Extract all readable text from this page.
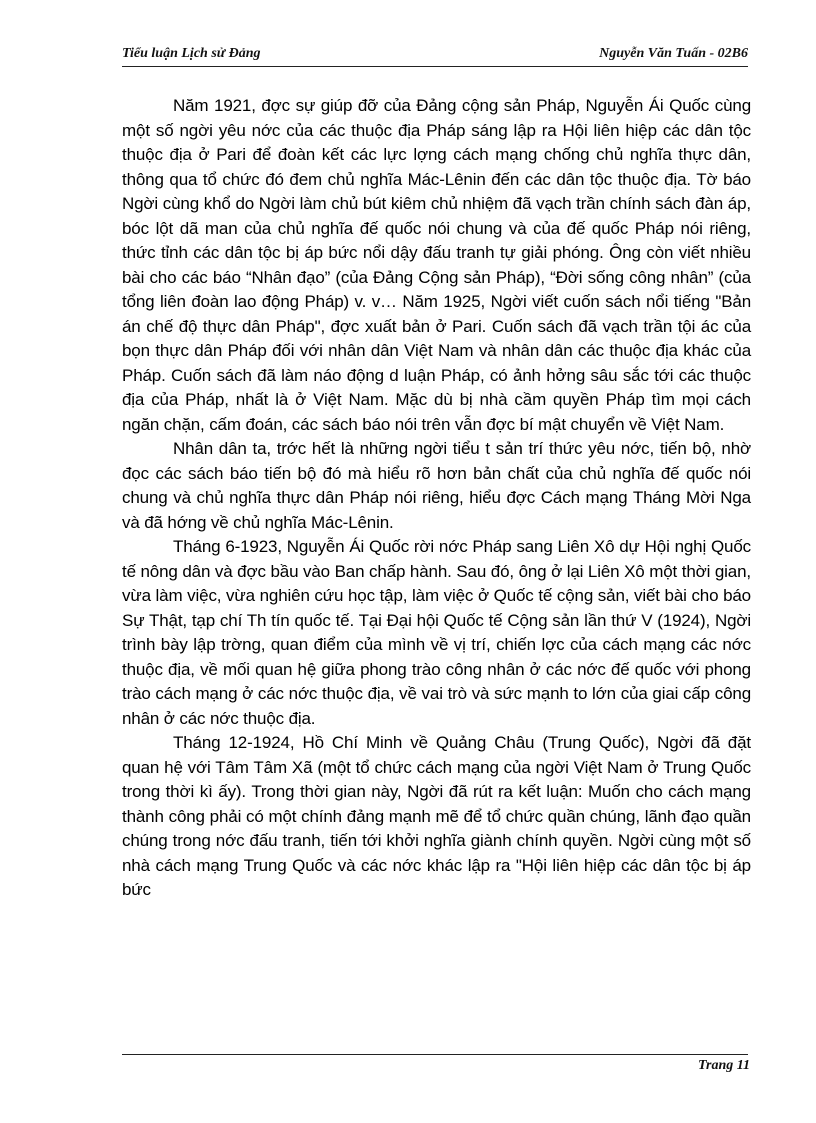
Tiểu luận Lịch sử Đảng	Nguyễn Văn Tuấn - 02B6

Năm 1921, đợc sự giúp đỡ của Đảng cộng sản Pháp, Nguyễn Ái Quốc cùng một số ngời yêu nớc của các thuộc địa Pháp sáng lập ra Hội liên hiệp các dân tộc thuộc địa ở Pari để đoàn kết các lực lợng cách mạng chống chủ nghĩa thực dân, thông qua tổ chức đó đem chủ nghĩa Mác-Lênin đến các dân tộc thuộc địa. Tờ báo Ngời cùng khổ do Ngời làm chủ bút kiêm chủ nhiệm đã vạch trần chính sách đàn áp, bóc lột dã man của chủ nghĩa đế quốc nói chung và của đế quốc Pháp nói riêng, thức tỉnh các dân tộc bị áp bức nổi dậy đấu tranh tự giải phóng. Ông còn viết nhiều bài cho các báo “Nhân đạo” (của Đảng Cộng sản Pháp), “Đời sống công nhân” (của tổng liên đoàn lao động Pháp) v. v… Năm 1925, Ngời viết cuốn sách nổi tiếng "Bản án chế độ thực dân Pháp", đợc xuất bản ở Pari. Cuốn sách đã vạch trần tội ác của bọn thực dân Pháp đối với nhân dân Việt Nam và nhân dân các thuộc địa khác của Pháp. Cuốn sách đã làm náo động d luận Pháp, có ảnh hởng sâu sắc tới các thuộc địa của Pháp, nhất là ở Việt Nam. Mặc dù bị nhà cầm quyền Pháp tìm mọi cách ngăn chặn, cấm đoán, các sách báo nói trên vẫn đợc bí mật chuyển về Việt Nam.

Nhân dân ta, trớc hết là những ngời tiểu t sản trí thức yêu nớc, tiến bộ, nhờ đọc các sách báo tiến bộ đó mà hiểu rõ hơn bản chất của chủ nghĩa đế quốc nói chung và chủ nghĩa thực dân Pháp nói riêng, hiểu đợc Cách mạng Tháng Mời Nga và đã hớng về chủ nghĩa Mác-Lênin.

Tháng 6-1923, Nguyễn Ái Quốc rời nớc Pháp sang Liên Xô dự Hội nghị Quốc tế nông dân và đợc bầu vào Ban chấp hành. Sau đó, ông ở lại Liên Xô một thời gian, vừa làm việc, vừa nghiên cứu học tập, làm việc ở Quốc tế cộng sản, viết bài cho báo Sự Thật, tạp chí Th tín quốc tế. Tại Đại hội Quốc tế Cộng sản lần thứ V (1924), Ngời trình bày lập trờng, quan điểm của mình về vị trí, chiến lợc của cách mạng các nớc thuộc địa, về mối quan hệ giữa phong trào công nhân ở các nớc đế quốc với phong trào cách mạng ở các nớc thuộc địa, về vai trò và sức mạnh to lớn của giai cấp công nhân ở các nớc thuộc địa.

Tháng 12-1924, Hồ Chí Minh về Quảng Châu (Trung Quốc), Ngời đã đặt quan hệ với Tâm Tâm Xã (một tổ chức cách mạng của ngời Việt Nam ở Trung Quốc trong thời kì ấy). Trong thời gian này, Ngời đã rút ra kết luận: Muốn cho cách mạng thành công phải có một chính đảng mạnh mẽ để tổ chức quần chúng, lãnh đạo quần chúng trong nớc đấu tranh, tiến tới khởi nghĩa giành chính quyền. Ngời cùng một số nhà cách mạng Trung Quốc và các nớc khác lập ra "Hội liên hiệp các dân tộc bị áp bức

Trang 11
